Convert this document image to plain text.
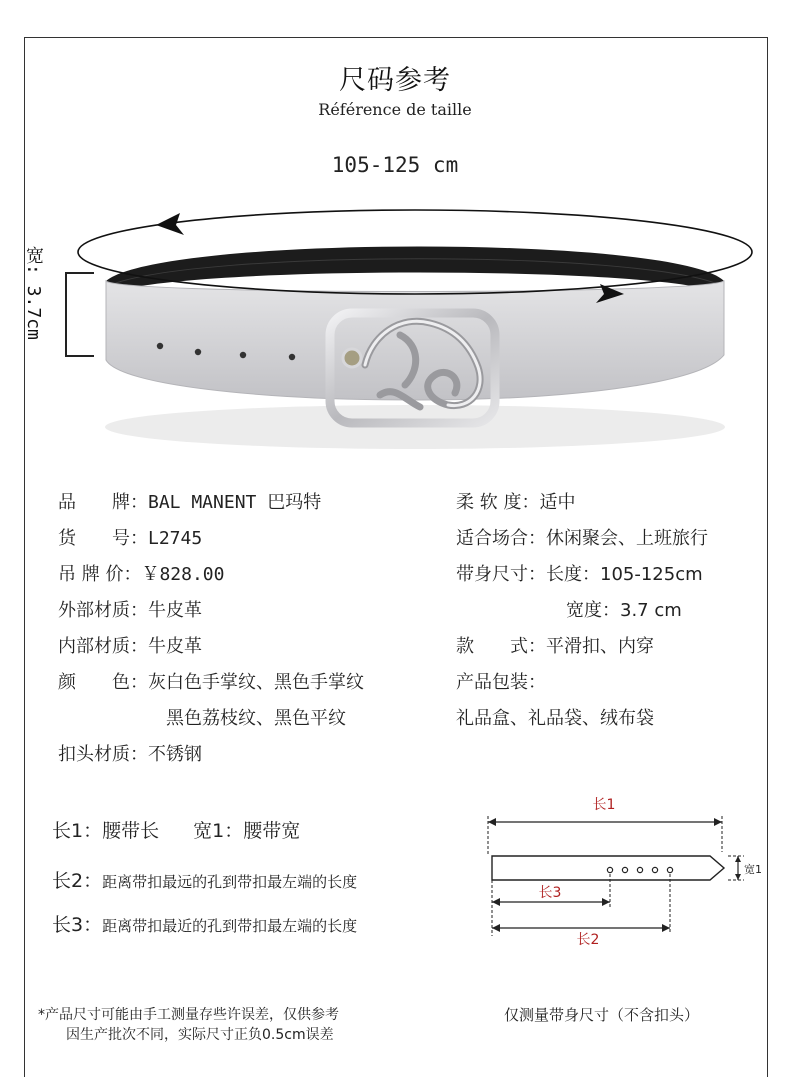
尺码参考
Référence de taille
105-125 cm
宽: 3.7cm
品　　牌：BAL MANENT 巴玛特
货　　号：L2745
吊 牌 价：￥828.00
外部材质：牛皮革
内部材质：牛皮革
颜　　色：灰白色手掌纹、黑色手掌纹
黑色荔枝纹、黑色平纹
扣头材质：不锈钢
柔 软 度：适中
适合场合：休闲聚会、上班旅行
带身尺寸：长度：105-125cm
宽度：3.7 cm
款　　式：平滑扣、内穿
产品包装：
礼品盒、礼品袋、绒布袋
长1：腰带长 宽1：腰带宽
长2：距离带扣最远的孔到带扣最左端的长度
长3：距离带扣最近的孔到带扣最左端的长度
长1
宽1
长3
长2
仅测量带身尺寸（不含扣头）
*产品尺寸可能由手工测量存些许误差，仅供参考
因生产批次不同，实际尺寸正负0.5cm误差
